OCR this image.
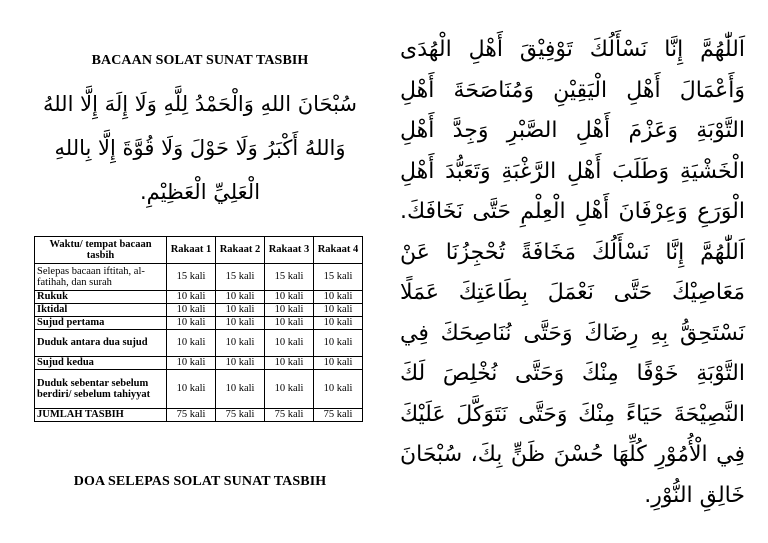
BACAAN SOLAT SUNAT TASBIH
سُبْحَانَ اللهِ وَالْحَمْدُ لِلَّهِ وَلَا إِلَهَ إِلَّا اللهُ وَاللهُ أَكْبَرُ وَلَا حَوْلَ وَلَا قُوَّةَ إِلَّا بِاللهِ الْعَلِيِّ الْعَظِيْمِ.
Waktu/ tempat bacaan tasbih	Rakaat 1	Rakaat 2	Rakaat 3	Rakaat 4
Selepas bacaan iftitah, al-fatihah, dan surah	15 kali	15 kali	15 kali	15 kali
Rukuk	10 kali	10 kali	10 kali	10 kali
Iktidal	10 kali	10 kali	10 kali	10 kali
Sujud pertama	10 kali	10 kali	10 kali	10 kali
Duduk antara dua sujud	10 kali	10 kali	10 kali	10 kali
Sujud kedua	10 kali	10 kali	10 kali	10 kali
Duduk sebentar sebelum berdiri/ sebelum tahiyyat	10 kali	10 kali	10 kali	10 kali
JUMLAH TASBIH	75 kali	75 kali	75 kali	75 kali
DOA SELEPAS SOLAT SUNAT TASBIH
اَللّٰهُمَّ إِنَّا نَسْأَلُكَ تَوْفِيْقَ أَهْلِ الْهُدَى وَأَعْمَالَ أَهْلِ الْيَقِيْنِ وَمُنَاصَحَةَ أَهْلِ التَّوْبَةِ وَعَزْمَ أَهْلِ الصَّبْرِ وَجِدَّ أَهْلِ الْخَشْيَةِ وَطَلَبَ أَهْلِ الرَّغْبَةِ وَتَعَبُّدَ أَهْلِ الْوَرَعِ وَعِرْفَانَ أَهْلِ الْعِلْمِ حَتَّى نَخَافَكَ. اَللّٰهُمَّ إِنَّا نَسْأَلُكَ مَخَافَةً تُحْجِزُنَا عَنْ مَعَاصِيْكَ حَتَّى نَعْمَلَ بِطَاعَتِكَ عَمَلًا نَسْتَحِقُّ بِهِ رِضَاكَ وَحَتَّى نُنَاصِحَكَ فِي التَّوْبَةِ خَوْفًا مِنْكَ وَحَتَّى نُخْلِصَ لَكَ النَّصِيْحَةَ حَيَاءً مِنْكَ وَحَتَّى نَتَوَكَّلَ عَلَيْكَ فِي الْأُمُوْرِ كُلِّهَا حُسْنَ ظَنٍّ بِكَ، سُبْحَانَ خَالِقِ النُّوْرِ.
